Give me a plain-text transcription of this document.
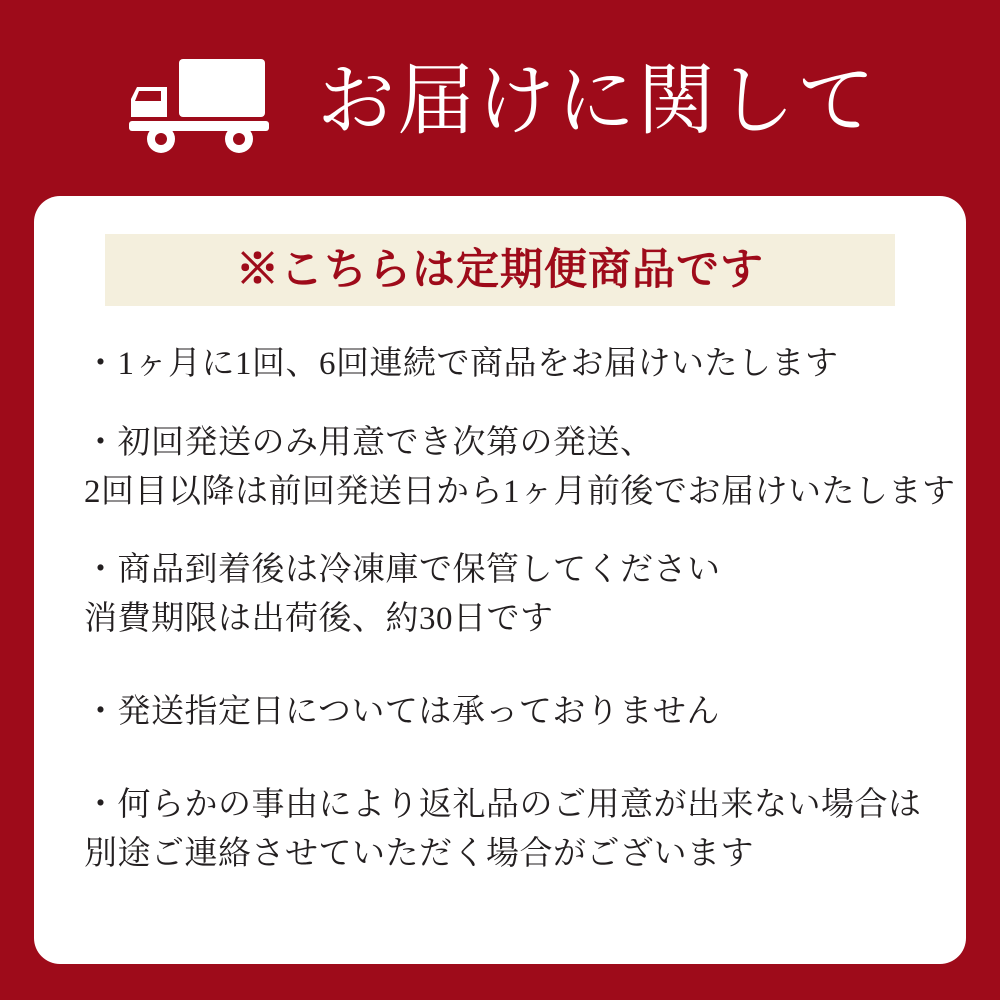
お届けに関して
※こちらは定期便商品です
・1ヶ月に1回、6回連続で商品をお届けいたします
・初回発送のみ用意でき次第の発送、
2回目以降は前回発送日から1ヶ月前後でお届けいたします
・商品到着後は冷凍庫で保管してください
消費期限は出荷後、約30日です
・発送指定日については承っておりません
・何らかの事由により返礼品のご用意が出来ない場合は
別途ご連絡させていただく場合がございます
